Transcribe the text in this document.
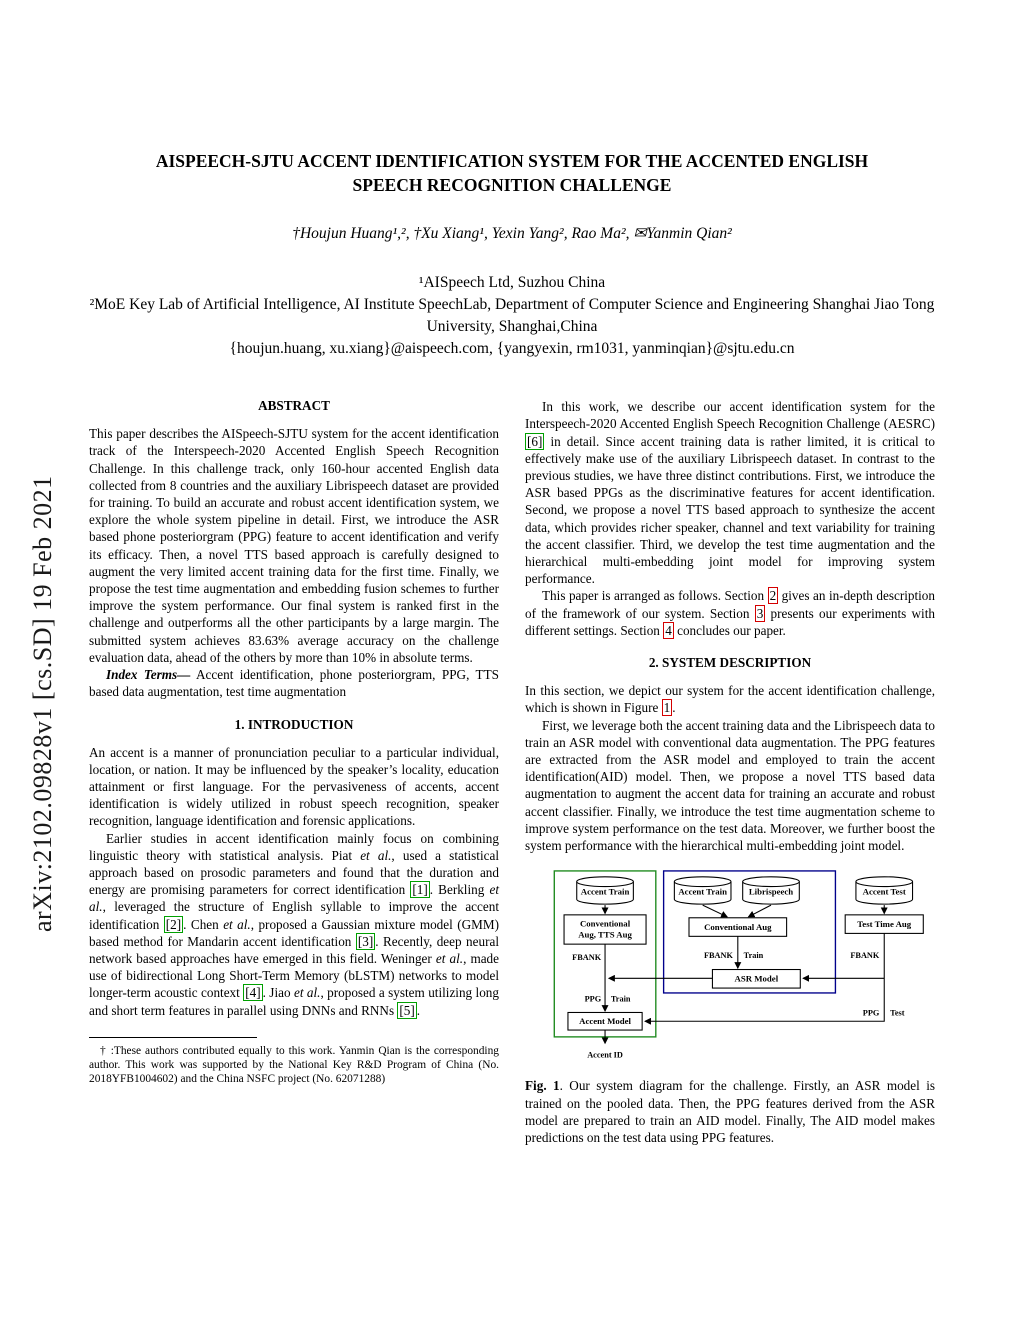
arXiv:2102.09828v1 [cs.SD] 19 Feb 2021
AISPEECH-SJTU ACCENT IDENTIFICATION SYSTEM FOR THE ACCENTED ENGLISH
SPEECH RECOGNITION CHALLENGE
†Houjun Huang¹,², †Xu Xiang¹, Yexin Yang², Rao Ma², ✉Yanmin Qian²
¹AISpeech Ltd, Suzhou China
²MoE Key Lab of Artificial Intelligence, AI Institute SpeechLab, Department of Computer Science and Engineering Shanghai Jiao Tong University, Shanghai,China
{houjun.huang, xu.xiang}@aispeech.com, {yangyexin, rm1031, yanminqian}@sjtu.edu.cn
ABSTRACT

This paper describes the AISpeech-SJTU system for the accent identification track of the Interspeech-2020 Accented English Speech Recognition Challenge. In this challenge track, only 160-hour accented English data collected from 8 countries and the auxiliary Librispeech dataset are provided for training. To build an accurate and robust accent identification system, we explore the whole system pipeline in detail. First, we introduce the ASR based phone posteriorgram (PPG) feature to accent identification and verify its efficacy. Then, a novel TTS based approach is carefully designed to augment the very limited accent training data for the first time. Finally, we propose the test time augmentation and embedding fusion schemes to further improve the system performance. Our final system is ranked first in the challenge and outperforms all the other participants by a large margin. The submitted system achieves 83.63% average accuracy on the challenge evaluation data, ahead of the others by more than 10% in absolute terms.

Index Terms— Accent identification, phone posteriorgram, PPG, TTS based data augmentation, test time augmentation

1. INTRODUCTION

An accent is a manner of pronunciation peculiar to a particular individual, location, or nation. It may be influenced by the speaker’s locality, education attainment or first language. For the pervasiveness of accents, accent identification is widely utilized in robust speech recognition, speaker recognition, language identification and forensic applications.

Earlier studies in accent identification mainly focus on combining linguistic theory with statistical analysis. Piat et al., used a statistical approach based on prosodic parameters and found that the duration and energy are promising parameters for correct identification [1] . Berkling et al., leveraged the structure of English syllable to improve the accent identification [2] . Chen et al., proposed a Gaussian mixture model (GMM) based method for Mandarin accent identification [3] . Recently, deep neural network based approaches have emerged in this field. Weninger et al., made use of bidirectional Long Short-Term Memory (bLSTM) networks to model longer-term acoustic context [4] . Jiao et al., proposed a system utilizing long and short term features in parallel using DNNs and RNNs [5] .

† :These authors contributed equally to this work. Yanmin Qian is the corresponding author. This work was supported by the National Key R&D Program of China (No. 2018YFB1004602) and the China NSFC project (No. 62071288)

In this work, we describe our accent identification system for the Interspeech-2020 Accented English Speech Recognition Challenge (AESRC) [6] in detail. Since accent training data is rather limited, it is critical to effectively make use of the auxiliary Librispeech dataset. In contrast to the previous studies, we have three distinct contributions. First, we introduce the ASR based PPGs as the discriminative features for accent identification. Second, we propose a novel TTS based approach to synthesize the accent data, which provides richer speaker, channel and text variability for training the accent classifier. Third, we develop the test time augmentation and the hierarchical multi-embedding joint model for improving system performance.

This paper is arranged as follows. Section 2 gives an in-depth description of the framework of our system. Section 3 presents our experiments with different settings. Section 4 concludes our paper.

2. SYSTEM DESCRIPTION

In this section, we depict our system for the accent identification challenge, which is shown in Figure 1 .

First, we leverage both the accent training data and the Librispeech data to train an ASR model with conventional data augmentation. The PPG features are extracted from the ASR model and employed to train the accent identification(AID) model. Then, we propose a novel TTS based data augmentation to augment the accent data for training an accurate and robust accent classifier. Finally, we introduce the test time augmentation scheme to improve system performance on the test data. Moreover, we further boost the system performance with the hierarchical multi-embedding joint model.

Accent Train	Accent Train Librispeech	Accent Test
Conventional
Aug, TTS Aug
Conventional Aug	Test Time Aug
ASR Model
Accent Model
FBANK
PPG Train
FBANK Train	FBANK
PPG Test
Accent ID
Fig. 1. Our system diagram for the challenge. Firstly, an ASR model is trained on the pooled data. Then, the PPG features derived from the ASR model are prepared to train an AID model. Finally, The AID model makes predictions on the test data using PPG features.
